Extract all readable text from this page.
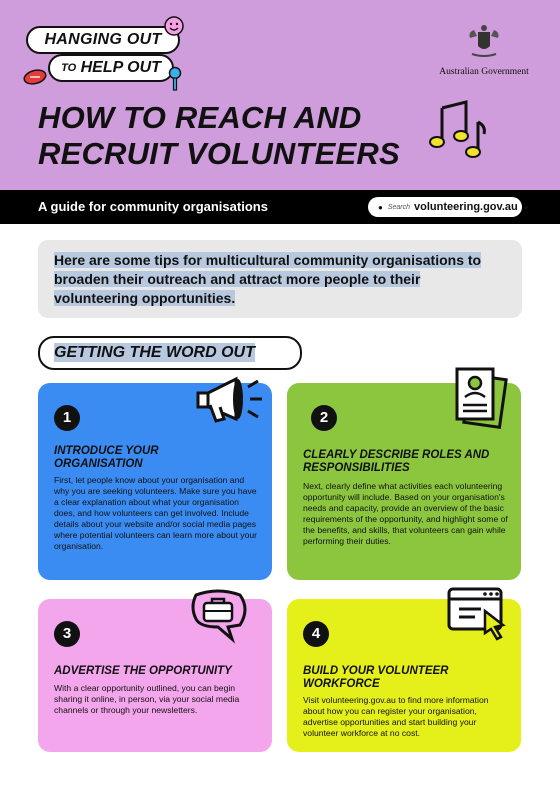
HANGING OUT
TO HELP OUT	Australian Government
HOW TO REACH AND
RECRUIT VOLUNTEERS
A guide for community organisations	● Search volunteering.gov.au ●

Here are some tips for multicultural community organisations to broaden their outreach and attract more people to their volunteering opportunities.

GETTING THE WORD OUT
1
INTRODUCE YOUR ORGANISATION

First, let people know about your organisation and why you are seeking volunteers. Make sure you have a clear explanation about what your organisation does, and how volunteers can get involved. Include details about your website and/or social media pages where potential volunteers can learn more about your organisation.

2
CLEARLY DESCRIBE ROLES AND RESPONSIBILITIES

Next, clearly define what activities each volunteering opportunity will include. Based on your organisation's needs and capacity, provide an overview of the basic requirements of the opportunity, and highlight some of the benefits, and skills, that volunteers can gain while performing their duties.

3
ADVERTISE THE OPPORTUNITY

With a clear opportunity outlined, you can begin sharing it online, in person, via your social media channels or through your newsletters.

4
BUILD YOUR VOLUNTEER WORKFORCE

Visit volunteering.gov.au to find more information about how you can register your organisation, advertise opportunities and start building your volunteer workforce at no cost.
